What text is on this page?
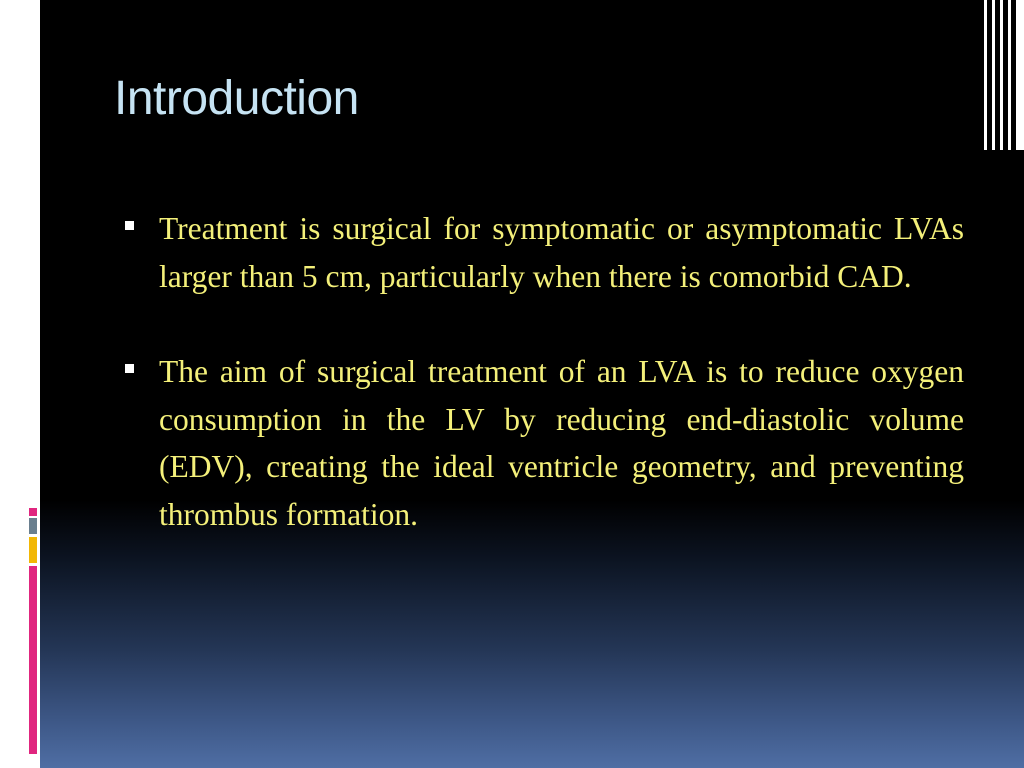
Introduction
Treatment is surgical for symptomatic or asymptomatic LVAs larger than 5 cm, particularly when there is comorbid CAD.
The aim of surgical treatment of an LVA is to reduce oxygen consumption in the LV by reducing end-diastolic volume (EDV), creating the ideal ventricle geometry, and preventing thrombus formation.
